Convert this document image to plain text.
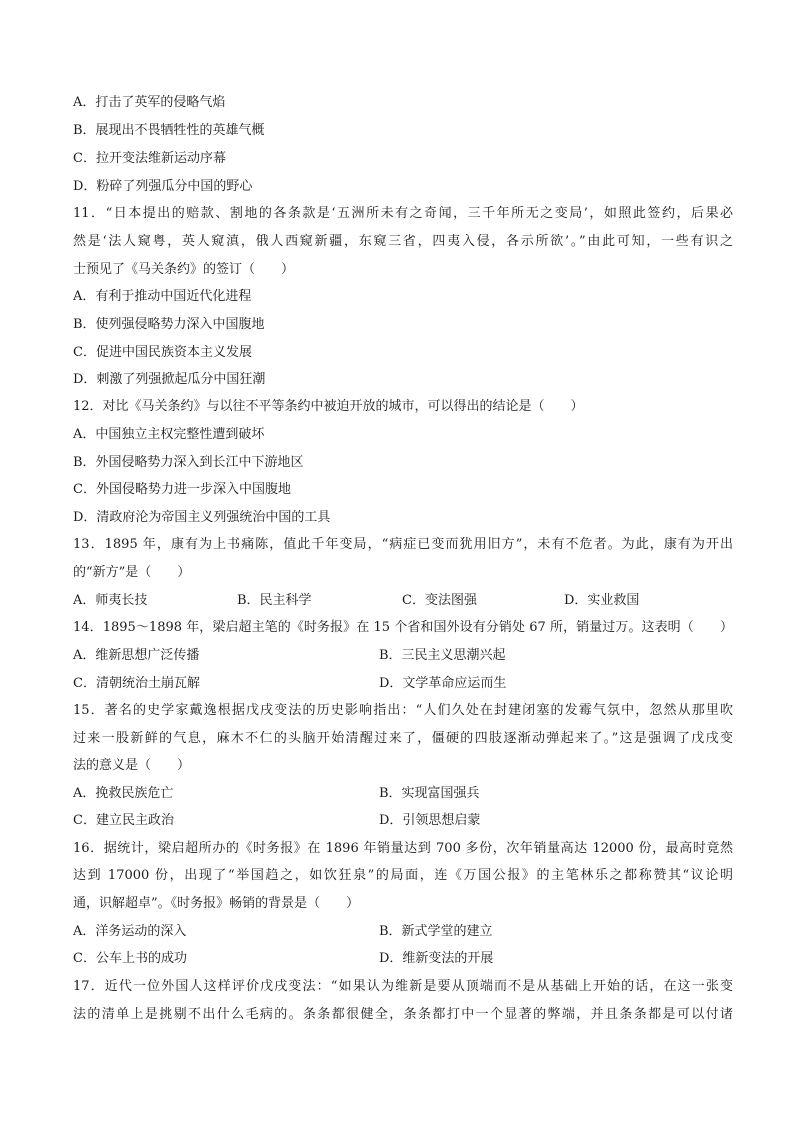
A．打击了英军的侵略气焰
B．展现出不畏牺牲性的英雄气概
C．拉开变法维新运动序幕
D．粉碎了列强瓜分中国的野心
11．“日本提出的赔款、割地的各条款是‘五洲所未有之奇闻，三千年所无之变局’，如照此签约，后果必
然是‘法人窥粤，英人窥滇，俄人西窥新疆，东窥三省，四夷入侵，各示所欲’。”由此可知，一些有识之
士预见了《马关条约》的签订（　　）
A．有利于推动中国近代化进程
B．使列强侵略势力深入中国腹地
C．促进中国民族资本主义发展
D．刺激了列强掀起瓜分中国狂潮
12．对比《马关条约》与以往不平等条约中被迫开放的城市，可以得出的结论是（　　）
A．中国独立主权完整性遭到破坏
B．外国侵略势力深入到长江中下游地区
C．外国侵略势力进一步深入中国腹地
D．清政府沦为帝国主义列强统治中国的工具
13．1895 年，康有为上书痛陈，值此千年变局，“病症已变而犹用旧方”，未有不危者。为此，康有为开出
的“新方”是（　　）
A．师夷长技	B．民主科学	C．变法图强	D．实业救国
14．1895～1898 年，梁启超主笔的《时务报》在 15 个省和国外设有分销处 67 所，销量过万。这表明（　　）
A．维新思想广泛传播	B．三民主义思潮兴起
C．清朝统治土崩瓦解	D．文学革命应运而生
15．著名的史学家戴逸根据戊戌变法的历史影响指出：“人们久处在封建闭塞的发霉气氛中，忽然从那里吹
过来一股新鲜的气息，麻木不仁的头脑开始清醒过来了，僵硬的四肢逐渐动弹起来了。”这是强调了戊戌变
法的意义是（　　）
A．挽救民族危亡	B．实现富国强兵
C．建立民主政治	D．引领思想启蒙
16．据统计，梁启超所办的《时务报》在 1896 年销量达到 700 多份，次年销量高达 12000 份，最高时竟然
达到 17000 份，出现了“举国趋之，如饮狂泉”的局面，连《万国公报》的主笔林乐之都称赞其“议论明
通，识解超卓”。《时务报》畅销的背景是（　　）
A．洋务运动的深入	B．新式学堂的建立
C．公车上书的成功	D．维新变法的开展
17．近代一位外国人这样评价戊戌变法：“如果认为维新是要从顶端而不是从基础上开始的话，在这一张变
法的清单上是挑剔不出什么毛病的。条条都很健全，条条都打中一个显著的弊端，并且条条都是可以付诸
